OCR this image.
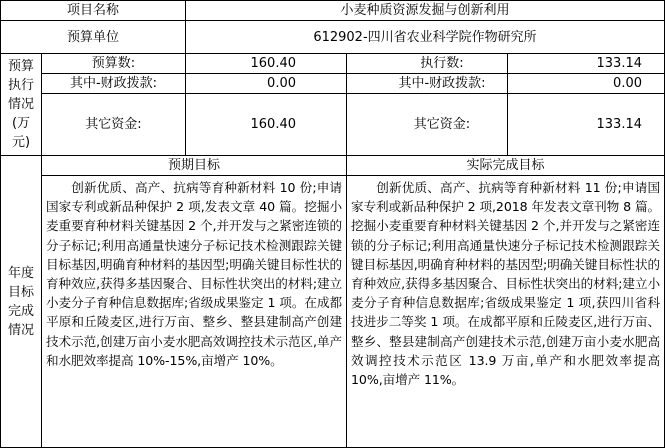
项目名称	小麦种质资源发掘与创新利用
预算单位	612902-四川省农业科学院作物研究所
预算执行情况(万元)
预算数:	160.40	执行数:	133.14
其中-财政拨款:	0.00	其中-财政拨款:	0.00
其它资金:	160.40	其它资金:	133.14
年度目标完成情况
预期目标	实际完成目标
创新优质、高产、抗病等育种新材料 10 份;申请国家专利或新品种保护 2 项,发表文章 40 篇。挖掘小麦重要育种材料关键基因 2 个,并开发与之紧密连锁的分子标记;利用高通量快速分子标记技术检测跟踪关键目标基因,明确育种材料的基因型;明确关键目标性状的育种效应,获得多基因聚合、目标性状突出的材料;建立小麦分子育种信息数据库;省级成果鉴定 1 项。在成都平原和丘陵麦区,进行万亩、整乡、整县建制高产创建技术示范,创建万亩小麦水肥高效调控技术示范区,单产和水肥效率提高 10%-15%,亩增产 10%。
创新优质、高产、抗病等育种新材料 11 份;申请国家专利或新品种保护 2 项,2018 年发表文章刊物 8 篇。挖掘小麦重要育种材料关键基因 2 个,并开发与之紧密连锁的分子标记;利用高通量快速分子标记技术检测跟踪关键目标基因,明确育种材料的基因型;明确关键目标性状的育种效应,获得多基因聚合、目标性状突出的材料;建立小麦分子育种信息数据库;省级成果鉴定 1 项,获四川省科技进步二等奖 1 项。在成都平原和丘陵麦区,进行万亩、整乡、整县建制高产创建技术示范,创建万亩小麦水肥高效调控技术示范区 13.9 万亩,单产和水肥效率提高 10%,亩增产 11%。
